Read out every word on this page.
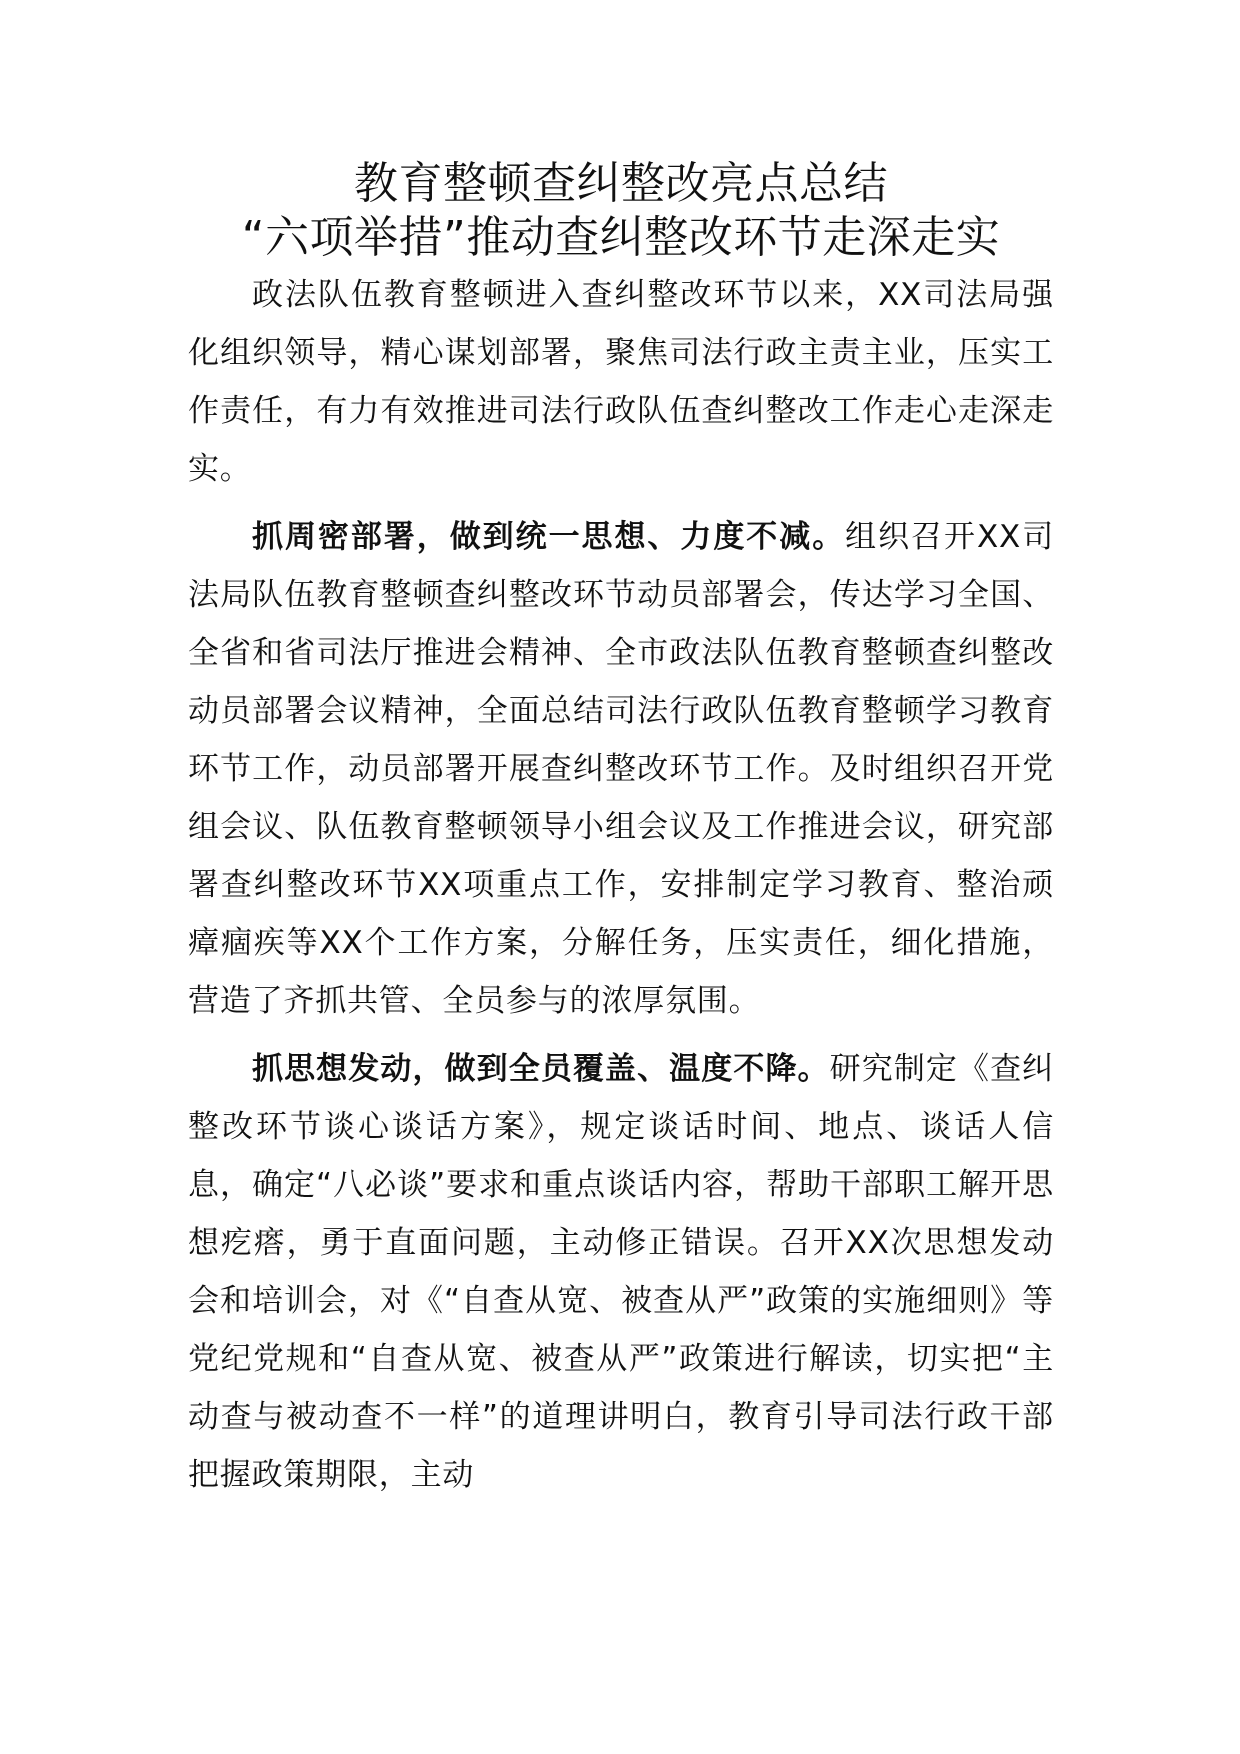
教育整顿查纠整改亮点总结
“六项举措”推动查纠整改环节走深走实

政法队伍教育整顿进入查纠整改环节以来，XX司法局强化组织领导，精心谋划部署，聚焦司法行政主责主业，压实工作责任，有力有效推进司法行政队伍查纠整改工作走心走深走实。

抓周密部署，做到统一思想、力度不减。组织召开XX司法局队伍教育整顿查纠整改环节动员部署会，传达学习全国、全省和省司法厅推进会精神、全市政法队伍教育整顿查纠整改动员部署会议精神，全面总结司法行政队伍教育整顿学习教育环节工作，动员部署开展查纠整改环节工作。及时组织召开党组会议、队伍教育整顿领导小组会议及工作推进会议，研究部署查纠整改环节XX项重点工作，安排制定学习教育、整治顽瘴痼疾等XX个工作方案，分解任务，压实责任，细化措施，营造了齐抓共管、全员参与的浓厚氛围。

抓思想发动，做到全员覆盖、温度不降。研究制定《查纠整改环节谈心谈话方案》，规定谈话时间、地点、谈话人信息，确定“八必谈”要求和重点谈话内容，帮助干部职工解开思想疙瘩，勇于直面问题，主动修正错误。召开XX次思想发动会和培训会，对《“自查从宽、被查从严”政策的实施细则》等党纪党规和“自查从宽、被查从严”政策进行解读，切实把“主动查与被动查不一样”的道理讲明白，教育引导司法行政干部把握政策期限，主动
